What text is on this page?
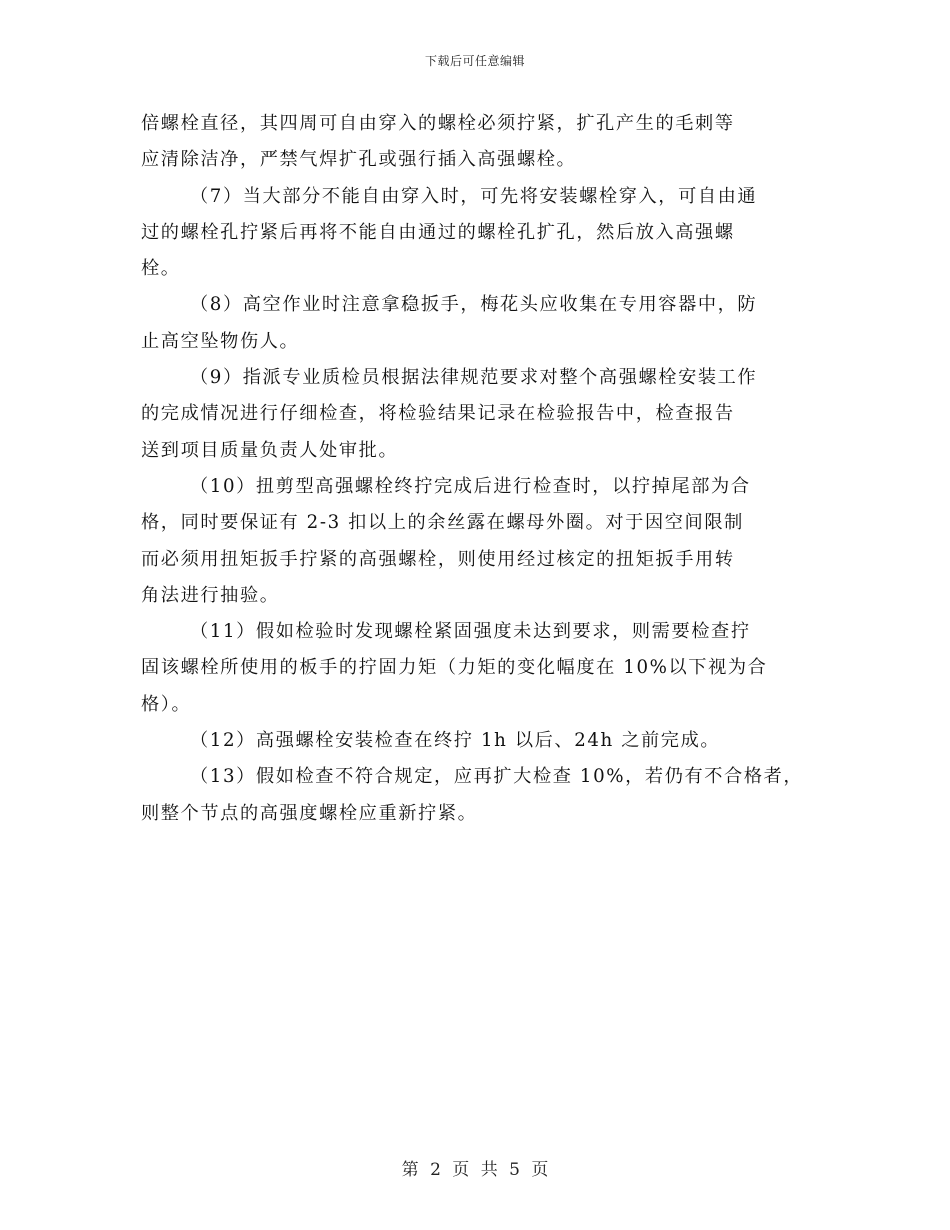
下载后可任意编辑
倍螺栓直径，其四周可自由穿入的螺栓必须拧紧，扩孔产生的毛刺等
应清除洁净，严禁气焊扩孔或强行插入高强螺栓。
（7）当大部分不能自由穿入时，可先将安装螺栓穿入，可自由通
过的螺栓孔拧紧后再将不能自由通过的螺栓孔扩孔，然后放入高强螺
栓。
（8）高空作业时注意拿稳扳手，梅花头应收集在专用容器中，防
止高空坠物伤人。
（9）指派专业质检员根据法律规范要求对整个高强螺栓安装工作
的完成情况进行仔细检查，将检验结果记录在检验报告中，检查报告
送到项目质量负责人处审批。
（10）扭剪型高强螺栓终拧完成后进行检查时，以拧掉尾部为合
格，同时要保证有 2-3 扣以上的余丝露在螺母外圈。对于因空间限制
而必须用扭矩扳手拧紧的高强螺栓，则使用经过核定的扭矩扳手用转
角法进行抽验。
（11）假如检验时发现螺栓紧固强度未达到要求，则需要检查拧
固该螺栓所使用的板手的拧固力矩（力矩的变化幅度在 10%以下视为合
格）。
（12）高强螺栓安装检查在终拧 1h 以后、24h 之前完成。
（13）假如检查不符合规定，应再扩大检查 10%，若仍有不合格者，
则整个节点的高强度螺栓应重新拧紧。
第 2 页 共 5 页
